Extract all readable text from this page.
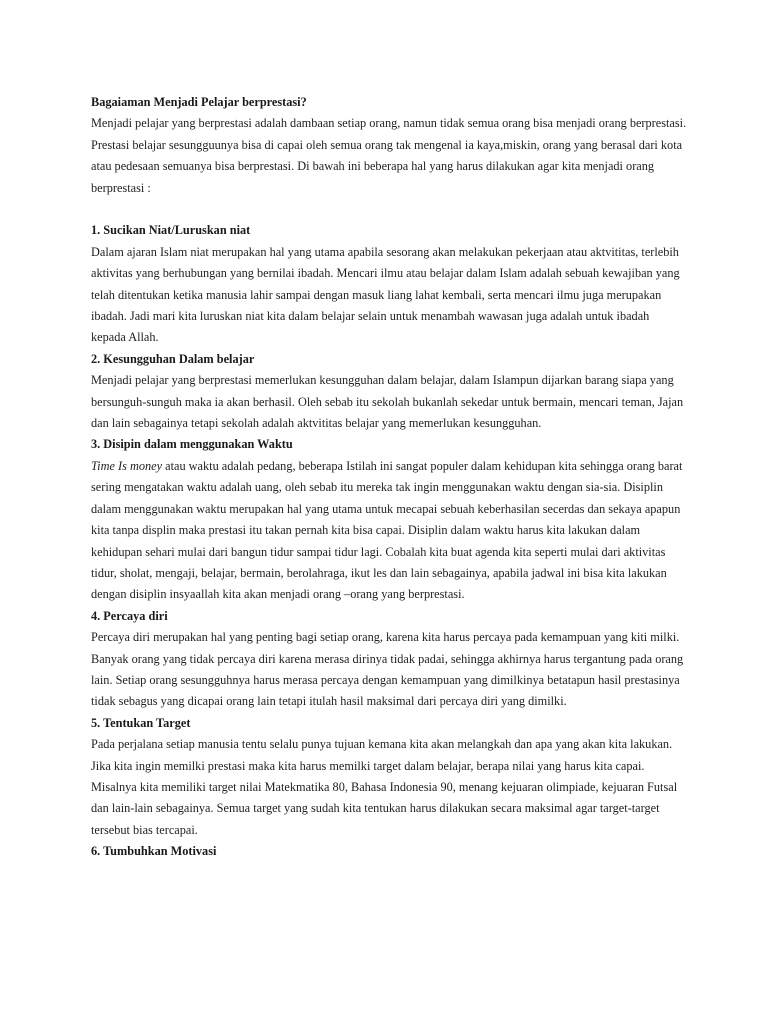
Bagaiaman Menjadi Pelajar berprestasi?
Menjadi pelajar yang berprestasi adalah dambaan setiap orang, namun tidak semua orang bisa menjadi orang berprestasi. Prestasi belajar sesungguunya bisa di capai oleh semua orang tak mengenal ia kaya,miskin, orang yang berasal dari kota atau pedesaan semuanya bisa berprestasi. Di bawah ini beberapa hal yang harus dilakukan agar kita menjadi orang berprestasi :
1. Sucikan Niat/Luruskan niat
Dalam ajaran Islam niat merupakan hal yang utama apabila sesorang akan melakukan pekerjaan atau aktvititas, terlebih aktivitas yang berhubungan yang bernilai ibadah. Mencari ilmu atau belajar dalam Islam adalah sebuah kewajiban yang telah ditentukan ketika manusia lahir sampai dengan masuk liang lahat kembali, serta mencari ilmu juga merupakan ibadah. Jadi mari kita luruskan niat kita dalam belajar selain untuk menambah wawasan juga adalah untuk ibadah kepada Allah.
2. Kesungguhan Dalam belajar
Menjadi pelajar yang berprestasi memerlukan kesungguhan dalam belajar, dalam Islampun dijarkan barang siapa yang bersunguh-sunguh maka ia akan berhasil. Oleh sebab itu sekolah bukanlah sekedar untuk bermain, mencari teman, Jajan dan lain sebagainya tetapi sekolah adalah aktvititas belajar yang memerlukan kesungguhan.
3. Disipin dalam menggunakan Waktu
Time Is money atau waktu adalah pedang, beberapa Istilah ini sangat populer dalam kehidupan kita sehingga orang barat sering mengatakan waktu adalah uang, oleh sebab itu mereka tak ingin menggunakan waktu dengan sia-sia. Disiplin dalam menggunakan waktu merupakan hal yang utama untuk mecapai sebuah keberhasilan secerdas dan sekaya apapun kita tanpa displin maka prestasi itu takan pernah kita bisa capai. Disiplin dalam waktu harus kita lakukan dalam kehidupan sehari mulai dari bangun tidur sampai tidur lagi. Cobalah kita buat agenda kita seperti mulai dari aktivitas tidur, sholat, mengaji, belajar, bermain, berolahraga, ikut les dan lain sebagainya, apabila jadwal ini bisa kita lakukan dengan disiplin insyaallah kita akan menjadi orang –orang yang berprestasi.
4. Percaya diri
Percaya diri merupakan hal yang penting bagi setiap orang, karena kita harus percaya pada kemampuan yang kiti milki. Banyak orang yang tidak percaya diri karena merasa dirinya tidak padai, sehingga akhirnya harus tergantung pada orang lain. Setiap orang sesungguhnya harus merasa percaya dengan kemampuan yang dimilkinya betatapun hasil prestasinya tidak sebagus yang dicapai orang lain tetapi itulah hasil maksimal dari percaya diri yang dimilki.
5. Tentukan Target
Pada perjalana setiap manusia tentu selalu punya tujuan kemana kita akan melangkah dan apa yang akan kita lakukan. Jika kita ingin memilki prestasi maka kita harus memilki target dalam belajar, berapa nilai yang harus kita capai. Misalnya kita memiliki target nilai Matekmatika 80, Bahasa Indonesia 90, menang kejuaran olimpiade, kejuaran Futsal dan lain-lain sebagainya. Semua target yang sudah kita tentukan harus dilakukan secara maksimal agar target-target tersebut bias tercapai.
6. Tumbuhkan Motivasi
